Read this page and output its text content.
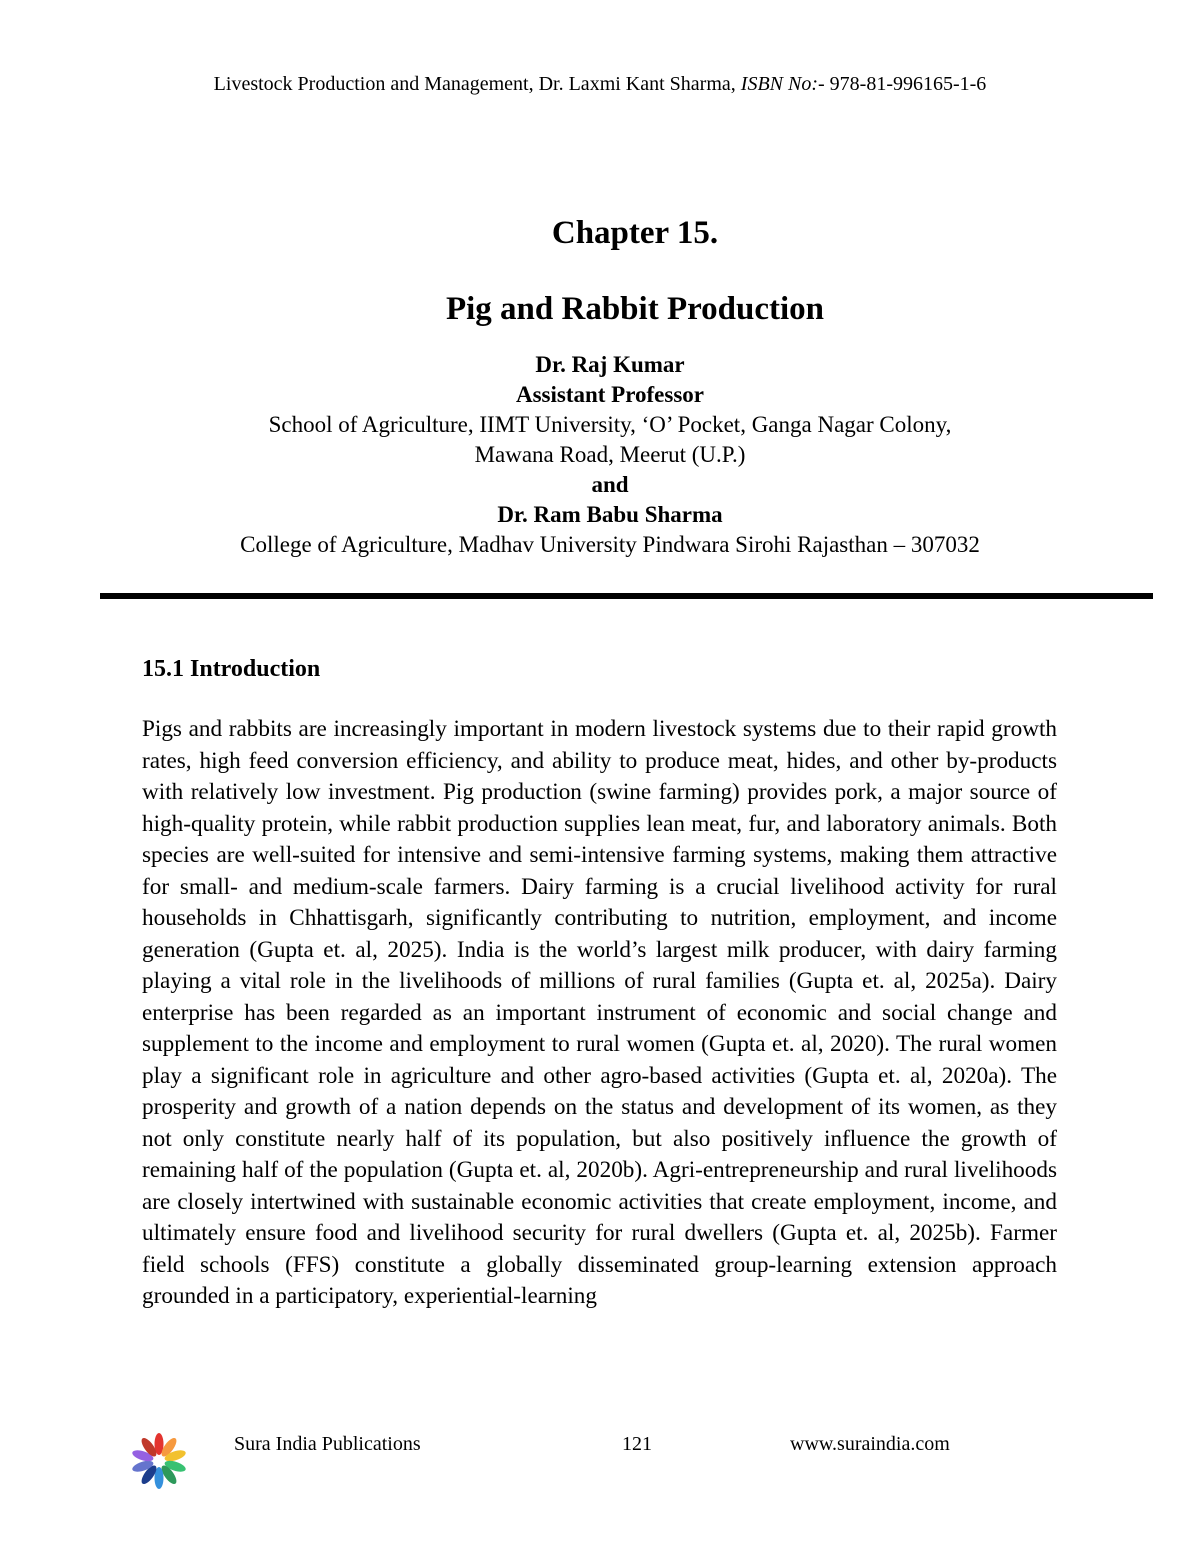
Livestock Production and Management, Dr. Laxmi Kant Sharma, ISBN No:- 978-81-996165-1-6
Chapter 15.
Pig and Rabbit Production
Dr. Raj Kumar
Assistant Professor
School of Agriculture, IIMT University, ‘O’ Pocket, Ganga Nagar Colony,
Mawana Road, Meerut (U.P.)
and
Dr. Ram Babu Sharma
College of Agriculture, Madhav University Pindwara Sirohi Rajasthan – 307032
15.1 Introduction

Pigs and rabbits are increasingly important in modern livestock systems due to their rapid growth rates, high feed conversion efficiency, and ability to produce meat, hides, and other by-products with relatively low investment. Pig production (swine farming) provides pork, a major source of high-quality protein, while rabbit production supplies lean meat, fur, and laboratory animals. Both species are well-suited for intensive and semi-intensive farming systems, making them attractive for small- and medium-scale farmers. Dairy farming is a crucial livelihood activity for rural households in Chhattisgarh, significantly contributing to nutrition, employment, and income generation (Gupta et. al, 2025). India is the world’s largest milk producer, with dairy farming playing a vital role in the livelihoods of millions of rural families (Gupta et. al, 2025a). Dairy enterprise has been regarded as an important instrument of economic and social change and supplement to the income and employment to rural women (Gupta et. al, 2020). The rural women play a significant role in agriculture and other agro-based activities (Gupta et. al, 2020a). The prosperity and growth of a nation depends on the status and development of its women, as they not only constitute nearly half of its population, but also positively influence the growth of remaining half of the population (Gupta et. al, 2020b). Agri-entrepreneurship and rural livelihoods are closely intertwined with sustainable economic activities that create employment, income, and ultimately ensure food and livelihood security for rural dwellers (Gupta et. al, 2025b). Farmer field schools (FFS) constitute a globally disseminated group-learning extension approach grounded in a participatory, experiential-learning

Sura India Publications	121	www.suraindia.com
